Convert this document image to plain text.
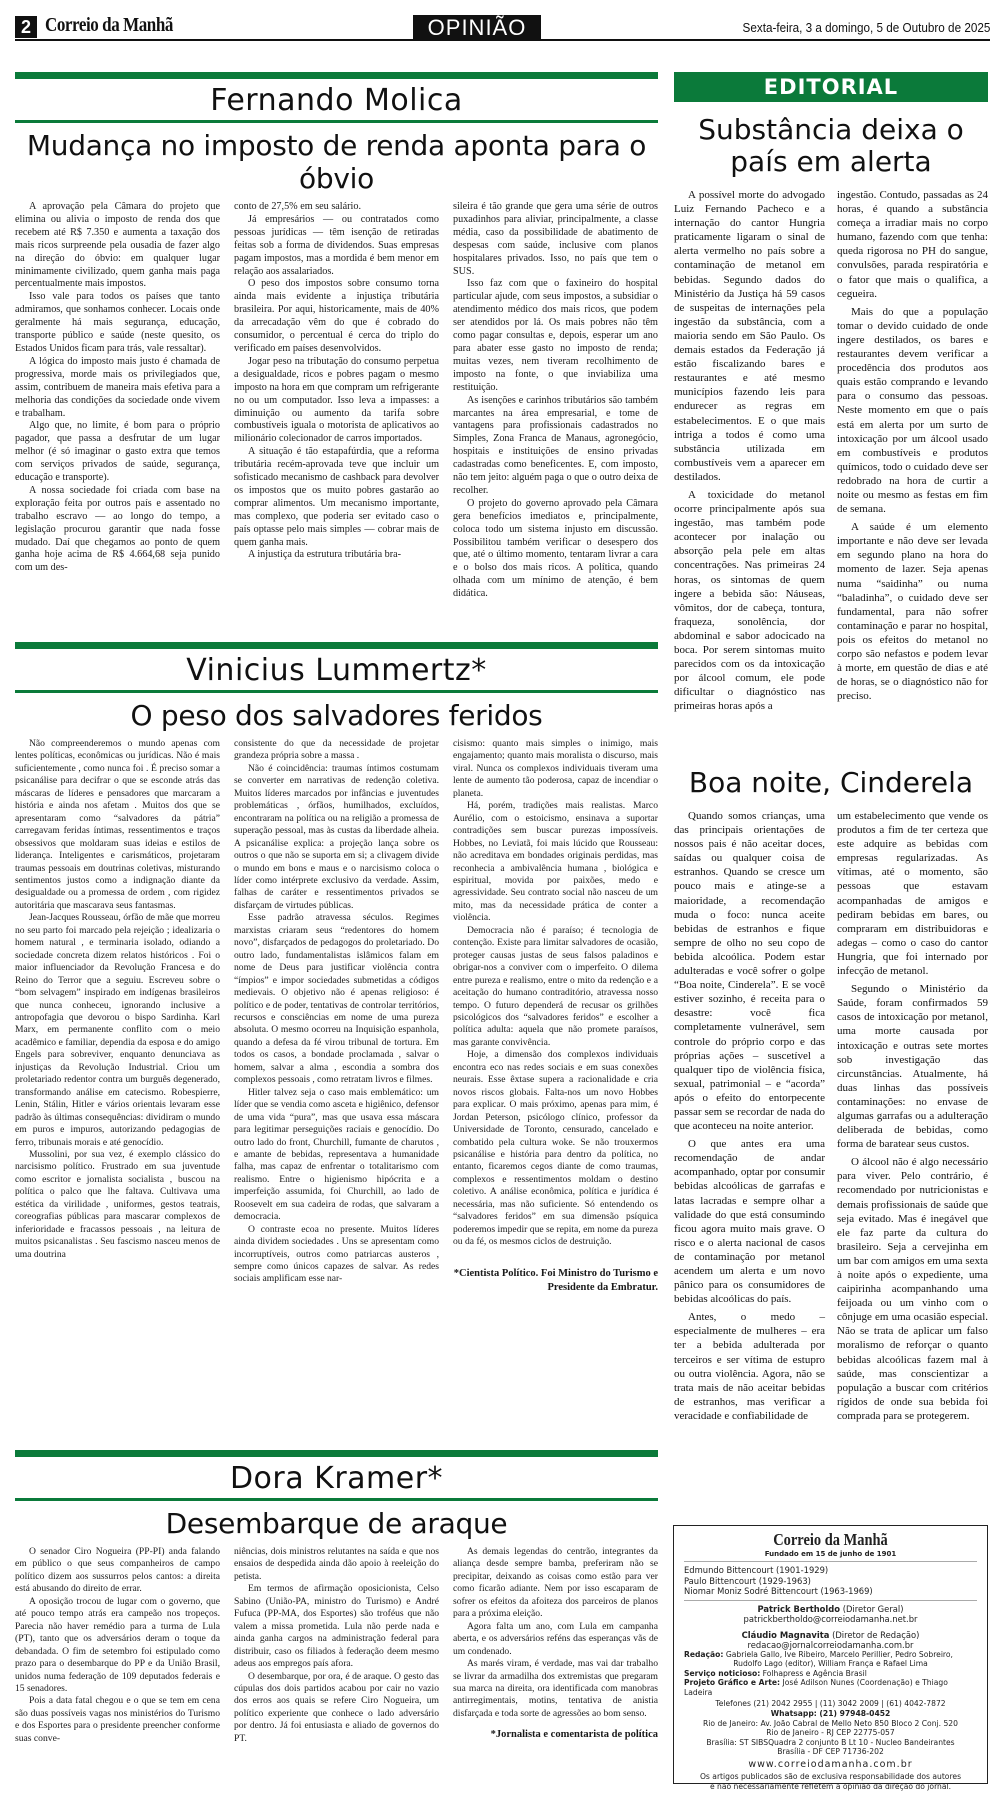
2 Correio da Manhã	OPINIÃO	Sexta-feira, 3 a domingo, 5 de Outubro de 2025
Fernando Molica
Mudança no imposto de renda aponta para o óbvio

A aprovação pela Câmara do projeto que elimina ou alivia o imposto de renda dos que recebem até R$ 7.350 e aumenta a taxação dos mais ricos surpreende pela ousadia de fazer algo na direção do óbvio: em qualquer lugar minimamente civilizado, quem ganha mais paga percentualmente mais impostos.

Isso vale para todos os países que tanto admiramos, que sonhamos conhecer. Locais onde geralmente há mais segurança, educação, transporte público e saúde (neste quesito, os Estados Unidos ficam para trás, vale ressaltar).

A lógica do imposto mais justo é chamada de progressiva, morde mais os privilegiados que, assim, contribuem de maneira mais efetiva para a melhoria das condições da sociedade onde vivem e trabalham.

Algo que, no limite, é bom para o próprio pagador, que passa a desfrutar de um lugar melhor (é só imaginar o gasto extra que temos com serviços privados de saúde, segurança, educação e transporte).

A nossa sociedade foi criada com base na exploração feita por outros país e assentado no trabalho escravo — ao longo do tempo, a legislação procurou garantir que nada fosse mudado. Daí que chegamos ao ponto de quem ganha hoje acima de R$ 4.664,68 seja punido com um des-

conto de 27,5% em seu salário.

Já empresários — ou contratados como pessoas jurídicas — têm isenção de retiradas feitas sob a forma de dividendos. Suas empresas pagam impostos, mas a mordida é bem menor em relação aos assalariados.

O peso dos impostos sobre consumo torna ainda mais evidente a injustiça tributária brasileira. Por aqui, historicamente, mais de 40% da arrecadação vêm do que é cobrado do consumidor, o percentual é cerca do triplo do verificado em países desenvolvidos.

Jogar peso na tributação do consumo perpetua a desigualdade, ricos e pobres pagam o mesmo imposto na hora em que compram um refrigerante no ou um computador. Isso leva a impasses: a diminuição ou aumento da tarifa sobre combustíveis iguala o motorista de aplicativos ao milionário colecionador de carros importados.

A situação é tão estapafúrdia, que a reforma tributária recém-aprovada teve que incluir um sofisticado mecanismo de cashback para devolver os impostos que os muito pobres gastarão ao comprar alimentos. Um mecanismo importante, mas complexo, que poderia ser evitado caso o país optasse pelo mais simples — cobrar mais de quem ganha mais.

A injustiça da estrutura tributária bra-

sileira é tão grande que gera uma série de outros puxadinhos para aliviar, principalmente, a classe média, caso da possibilidade de abatimento de despesas com saúde, inclusive com planos hospitalares privados. Isso, no país que tem o SUS.

Isso faz com que o faxineiro do hospital particular ajude, com seus impostos, a subsidiar o atendimento médico dos mais ricos, que podem ser atendidos por lá. Os mais pobres não têm como pagar consultas e, depois, esperar um ano para abater esse gasto no imposto de renda; muitas vezes, nem tiveram recolhimento de imposto na fonte, o que inviabiliza uma restituição.

As isenções e carinhos tributários são também marcantes na área empresarial, e tome de vantagens para profissionais cadastrados no Simples, Zona Franca de Manaus, agronegócio, hospitais e instituições de ensino privadas cadastradas como beneficentes. E, com imposto, não tem jeito: alguém paga o que o outro deixa de recolher.

O projeto do governo aprovado pela Câmara gera benefícios imediatos e, principalmente, coloca todo um sistema injusto em discussão. Possibilitou também verificar o desespero dos que, até o último momento, tentaram livrar a cara e o bolso dos mais ricos. A política, quando olhada com um mínimo de atenção, é bem didática.

Vinicius Lummertz*
O peso dos salvadores feridos

Não compreenderemos o mundo apenas com lentes políticas, econômicas ou jurídicas. Não é mais suficientemente , como nunca foi . É preciso somar a psicanálise para decifrar o que se esconde atrás das máscaras de líderes e pensadores que marcaram a história e ainda nos afetam . Muitos dos que se apresentaram como “salvadores da pátria” carregavam feridas íntimas, ressentimentos e traços obsessivos que moldaram suas ideias e estilos de liderança. Inteligentes e carismáticos, projetaram traumas pessoais em doutrinas coletivas, misturando sentimentos justos como a indignação diante da desigualdade ou a promessa de ordem , com rigidez autoritária que mascarava seus fantasmas.

Jean-Jacques Rousseau, órfão de mãe que morreu no seu parto foi marcado pela rejeição ; idealizaria o homem natural , e terminaria isolado, odiando a sociedade concreta dizem relatos históricos . Foi o maior influenciador da Revolução Francesa e do Reino do Terror que a seguiu. Escreveu sobre o “bom selvagem” inspirado em indígenas brasileiros que nunca conheceu, ignorando inclusive a antropofagia que devorou o bispo Sardinha. Karl Marx, em permanente conflito com o meio acadêmico e familiar, dependia da esposa e do amigo Engels para sobreviver, enquanto denunciava as injustiças da Revolução Industrial. Criou um proletariado redentor contra um burguês degenerado, transformando análise em catecismo. Robespierre, Lenin, Stálin, Hitler e vários orientais levaram esse padrão às últimas consequências: dividiram o mundo em puros e impuros, autorizando pedagogias de ferro, tribunais morais e até genocídio.

Mussolini, por sua vez, é exemplo clássico do narcisismo político. Frustrado em sua juventude como escritor e jornalista socialista , buscou na política o palco que lhe faltava. Cultivava uma estética da virilidade , uniformes, gestos teatrais, coreografias públicas para mascarar complexos de inferioridade e fracassos pessoais , na leitura de muitos psicanalistas . Seu fascismo nasceu menos de uma doutrina

consistente do que da necessidade de projetar grandeza própria sobre a massa .

Não é coincidência: traumas íntimos costumam se converter em narrativas de redenção coletiva. Muitos líderes marcados por infâncias e juventudes problemáticas , órfãos, humilhados, excluídos, encontraram na política ou na religião a promessa de superação pessoal, mas às custas da liberdade alheia. A psicanálise explica: a projeção lança sobre os outros o que não se suporta em si; a clivagem divide o mundo em bons e maus e o narcisismo coloca o líder como intérprete exclusivo da verdade. Assim, falhas de caráter e ressentimentos privados se disfarçam de virtudes públicas.

Esse padrão atravessa séculos. Regimes marxistas criaram seus “redentores do homem novo”, disfarçados de pedagogos do proletariado. Do outro lado, fundamentalistas islâmicos falam em nome de Deus para justificar violência contra “ímpios” e impor sociedades submetidas a códigos medievais. O objetivo não é apenas religioso: é político e de poder, tentativas de controlar territórios, recursos e consciências em nome de uma pureza absoluta. O mesmo ocorreu na Inquisição espanhola, quando a defesa da fé virou tribunal de tortura. Em todos os casos, a bondade proclamada , salvar o homem, salvar a alma , escondia a sombra dos complexos pessoais , como retratam livros e filmes.

Hitler talvez seja o caso mais emblemático: um líder que se vendia como asceta e higiênico, defensor de uma vida “pura”, mas que usava essa máscara para legitimar perseguições raciais e genocídio. Do outro lado do front, Churchill, fumante de charutos , e amante de bebidas, representava a humanidade falha, mas capaz de enfrentar o totalitarismo com realismo. Entre o higienismo hipócrita e a imperfeição assumida, foi Churchill, ao lado de Roosevelt em sua cadeira de rodas, que salvaram a democracia.

O contraste ecoa no presente. Muitos líderes ainda dividem sociedades . Uns se apresentam como incorruptíveis, outros como patriarcas austeros , sempre como únicos capazes de salvar. As redes sociais amplificam esse nar-

cisismo: quanto mais simples o inimigo, mais engajamento; quanto mais moralista o discurso, mais viral. Nunca os complexos individuais tiveram uma lente de aumento tão poderosa, capaz de incendiar o planeta.

Há, porém, tradições mais realistas. Marco Aurélio, com o estoicismo, ensinava a suportar contradições sem buscar purezas impossíveis. Hobbes, no Leviatã, foi mais lúcido que Rousseau: não acreditava em bondades originais perdidas, mas reconhecia a ambivalência humana , biológica e espiritual, movida por paixões, medo e agressividade. Seu contrato social não nasceu de um mito, mas da necessidade prática de conter a violência.

Democracia não é paraíso; é tecnologia de contenção. Existe para limitar salvadores de ocasião, proteger causas justas de seus falsos paladinos e obrigar-nos a conviver com o imperfeito. O dilema entre pureza e realismo, entre o mito da redenção e a aceitação do humano contraditório, atravessa nosso tempo. O futuro dependerá de recusar os grilhões psicológicos dos “salvadores feridos” e escolher a política adulta: aquela que não promete paraísos, mas garante convivência.

Hoje, a dimensão dos complexos individuais encontra eco nas redes sociais e em suas conexões neurais. Esse êxtase supera a racionalidade e cria novos riscos globais. Falta-nos um novo Hobbes para explicar. O mais próximo, apenas para mim, é Jordan Peterson, psicólogo clínico, professor da Universidade de Toronto, censurado, cancelado e combatido pela cultura woke. Se não trouxermos psicanálise e história para dentro da política, no entanto, ficaremos cegos diante de como traumas, complexos e ressentimentos moldam o destino coletivo. A análise econômica, política e jurídica é necessária, mas não suficiente. Só entendendo os “salvadores feridos” em sua dimensão psíquica poderemos impedir que se repita, em nome da pureza ou da fé, os mesmos ciclos de destruição.

*Cientista Político. Foi Ministro do Turismo e Presidente da Embratur.
Dora Kramer*
Desembarque de araque

O senador Ciro Nogueira (PP-PI) anda falando em público o que seus companheiros de campo político dizem aos sussurros pelos cantos: a direita está abusando do direito de errar.

A oposição trocou de lugar com o governo, que até pouco tempo atrás era campeão nos tropeços. Parecia não haver remédio para a turma de Lula (PT), tanto que os adversários deram o toque da debandada. O fim de setembro foi estipulado como prazo para o desembarque do PP e da União Brasil, unidos numa federação de 109 deputados federais e 15 senadores.

Pois a data fatal chegou e o que se tem em cena são duas possíveis vagas nos ministérios do Turismo e dos Esportes para o presidente preencher conforme suas conve-

niências, dois ministros relutantes na saída e que nos ensaios de despedida ainda dão apoio à reeleição do petista.

Em termos de afirmação oposicionista, Celso Sabino (União-PA, ministro do Turismo) e André Fufuca (PP-MA, dos Esportes) são troféus que não valem a missa prometida. Lula não perde nada e ainda ganha cargos na administração federal para distribuir, caso os filiados à federação deem mesmo adeus aos empregos país afora.

O desembarque, por ora, é de araque. O gesto das cúpulas dos dois partidos acabou por cair no vazio dos erros aos quais se refere Ciro Nogueira, um político experiente que conhece o lado adversário por dentro. Já foi entusiasta e aliado de governos do PT.

As demais legendas do centrão, integrantes da aliança desde sempre bamba, preferiram não se precipitar, deixando as coisas como estão para ver como ficarão adiante. Nem por isso escaparam de sofrer os efeitos da afoiteza dos parceiros de planos para a próxima eleição.

Agora falta um ano, com Lula em campanha aberta, e os adversários reféns das esperanças vãs de um condenado.

As marés viram, é verdade, mas vai dar trabalho se livrar da armadilha dos extremistas que pregaram sua marca na direita, ora identificada com manobras antirregimentais, motins, tentativa de anistia disfarçada e toda sorte de agressões ao bom senso.

*Jornalista e comentarista de política
EDITORIAL
Substância deixa o país em alerta

A possível morte do advogado Luiz Fernando Pacheco e a internação do cantor Hungria praticamente ligaram o sinal de alerta vermelho no país sobre a contaminação de metanol em bebidas. Segundo dados do Ministério da Justiça há 59 casos de suspeitas de internações pela ingestão da substância, com a maioria sendo em São Paulo. Os demais estados da Federação já estão fiscalizando bares e restaurantes e até mesmo municípios fazendo leis para endurecer as regras em estabelecimentos. E o que mais intriga a todos é como uma substância utilizada em combustíveis vem a aparecer em destilados.

A toxicidade do metanol ocorre principalmente após sua ingestão, mas também pode acontecer por inalação ou absorção pela pele em altas concentrações. Nas primeiras 24 horas, os sintomas de quem ingere a bebida são: Náuseas, vômitos, dor de cabeça, tontura, fraqueza, sonolência, dor abdominal e sabor adocicado na boca. Por serem sintomas muito parecidos com os da intoxicação por álcool comum, ele pode dificultar o diagnóstico nas primeiras horas após a

ingestão. Contudo, passadas as 24 horas, é quando a substância começa a irradiar mais no corpo humano, fazendo com que tenha: queda rigorosa no PH do sangue, convulsões, parada respiratória e o fator que mais o qualifica, a cegueira.

Mais do que a população tomar o devido cuidado de onde ingere destilados, os bares e restaurantes devem verificar a procedência dos produtos aos quais estão comprando e levando para o consumo das pessoas. Neste momento em que o país está em alerta por um surto de intoxicação por um álcool usado em combustíveis e produtos químicos, todo o cuidado deve ser redobrado na hora de curtir a noite ou mesmo as festas em fim de semana.

A saúde é um elemento importante e não deve ser levada em segundo plano na hora do momento de lazer. Seja apenas numa “saidinha” ou numa “baladinha”, o cuidado deve ser fundamental, para não sofrer contaminação e parar no hospital, pois os efeitos do metanol no corpo são nefastos e podem levar à morte, em questão de dias e até de horas, se o diagnóstico não for preciso.

Boa noite, Cinderela

Quando somos crianças, uma das principais orientações de nossos pais é não aceitar doces, saídas ou qualquer coisa de estranhos. Quando se cresce um pouco mais e atinge-se a maioridade, a recomendação muda o foco: nunca aceite bebidas de estranhos e fique sempre de olho no seu copo de bebida alcoólica. Podem estar adulteradas e você sofrer o golpe “Boa noite, Cinderela”. E se você estiver sozinho, é receita para o desastre: você fica completamente vulnerável, sem controle do próprio corpo e das próprias ações – suscetível a qualquer tipo de violência física, sexual, patrimonial – e “acorda” após o efeito do entorpecente passar sem se recordar de nada do que aconteceu na noite anterior.

O que antes era uma recomendação de andar acompanhado, optar por consumir bebidas alcoólicas de garrafas e latas lacradas e sempre olhar a validade do que está consumindo ficou agora muito mais grave. O risco e o alerta nacional de casos de contaminação por metanol acendem um alerta e um novo pânico para os consumidores de bebidas alcoólicas do país.

Antes, o medo – especialmente de mulheres – era ter a bebida adulterada por terceiros e ser vítima de estupro ou outra violência. Agora, não se trata mais de não aceitar bebidas de estranhos, mas verificar a veracidade e confiabilidade de

um estabelecimento que vende os produtos a fim de ter certeza que este adquire as bebidas com empresas regularizadas. As vítimas, até o momento, são pessoas que estavam acompanhadas de amigos e pediram bebidas em bares, ou compraram em distribuidoras e adegas – como o caso do cantor Hungria, que foi internado por infecção de metanol.

Segundo o Ministério da Saúde, foram confirmados 59 casos de intoxicação por metanol, uma morte causada por intoxicação e outras sete mortes sob investigação das circunstâncias. Atualmente, há duas linhas das possíveis contaminações: no envase de algumas garrafas ou a adulteração deliberada de bebidas, como forma de baratear seus custos.

O álcool não é algo necessário para viver. Pelo contrário, é recomendado por nutricionistas e demais profissionais de saúde que seja evitado. Mas é inegável que ele faz parte da cultura do brasileiro. Seja a cervejinha em um bar com amigos em uma sexta à noite após o expediente, uma caipirinha acompanhando uma feijoada ou um vinho com o cônjuge em uma ocasião especial. Não se trata de aplicar um falso moralismo de reforçar o quanto bebidas alcoólicas fazem mal à saúde, mas conscientizar a população a buscar com critérios rígidos de onde sua bebida foi comprada para se protegerem.

Correio da Manhã
Fundado em 15 de junho de 1901
Edmundo Bittencourt (1901-1929)
Paulo Bittencourt (1929-1963)
Niomar Moniz Sodré Bittencourt (1963-1969)
Patrick Bertholdo (Diretor Geral)
patrickbertholdo@correiodamanha.net.br
Cláudio Magnavita (Diretor de Redação)
redacao@jornalcorreiodamanha.com.br
Redação: Gabriela Gallo, Ive Ribeiro, Marcelo Perillier, Pedro Sobreiro,
Rudolfo Lago (editor), William França e Rafael Lima
Serviço noticioso: Folhapress e Agência Brasil
Projeto Gráfico e Arte: José Adilson Nunes (Coordenação) e Thiago Ladeira
Telefones (21) 2042 2955 | (11) 3042 2009 | (61) 4042-7872
Whatsapp: (21) 97948-0452
Rio de Janeiro: Av. João Cabral de Mello Neto 850 Bloco 2 Conj. 520
Rio de Janeiro - RJ CEP 22775-057
Brasília: ST SIBSQuadra 2 conjunto B Lt 10 - Nucleo Bandeirantes
Brasília - DF CEP 71736-202
www.correiodamanha.com.br
Os artigos publicados são de exclusiva responsabilidade dos autores
e não necessariamente refletem a opinião da direção do jornal.
